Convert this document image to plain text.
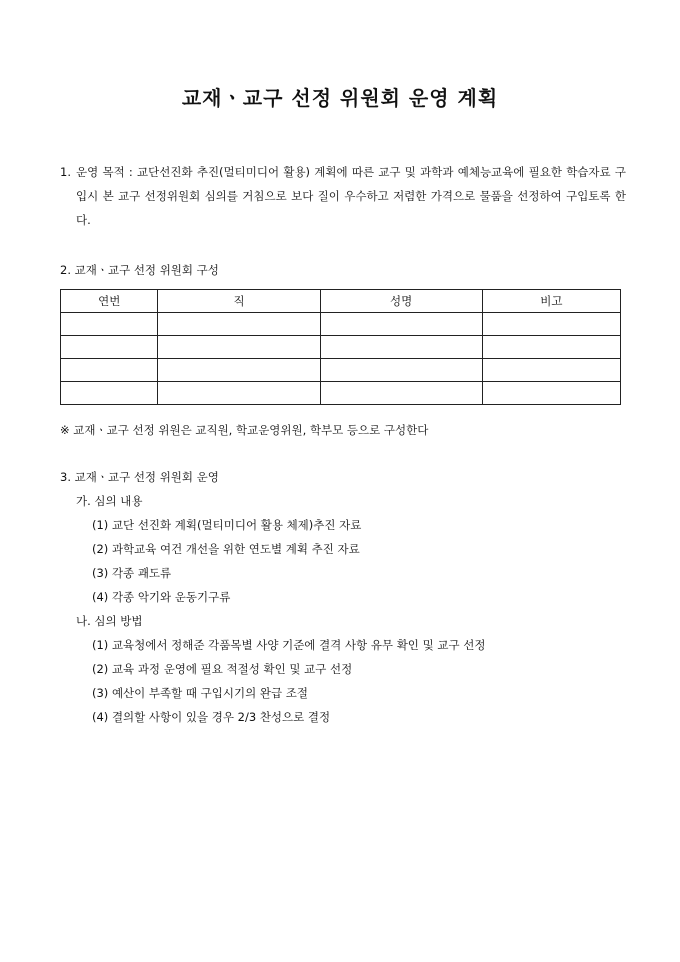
교재ㆍ교구 선정 위원회 운영 계획
1. 운영 목적 : 교단선진화 추진(멀티미디어 활용) 계획에 따른 교구 및 과학과 예체능교육에 필요한 학습자료 구입시 본 교구 선정위원회 심의를 거침으로 보다 질이 우수하고 저렴한 가격으로 물품을 선정하여 구입토록 한다.
2. 교재ㆍ교구 선정 위원회 구성
연번	직	성명	비고

※ 교재ㆍ교구 선정 위원은 교직원, 학교운영위원, 학부모 등으로 구성한다
3. 교재ㆍ교구 선정 위원회 운영
가. 심의 내용
(1) 교단 선진화 계획(멀티미디어 활용 체제)추진 자료
(2) 과학교육 여건 개선을 위한 연도별 계획 추진 자료
(3) 각종 괘도류
(4) 각종 악기와 운동기구류
나. 심의 방법
(1) 교육청에서 정해준 각품목별 사양 기준에 결격 사항 유무 확인 및 교구 선정
(2) 교육 과정 운영에 필요 적절성 확인 및 교구 선정
(3) 예산이 부족할 때 구입시기의 완급 조절
(4) 결의할 사항이 있을 경우 2/3 찬성으로 결정
